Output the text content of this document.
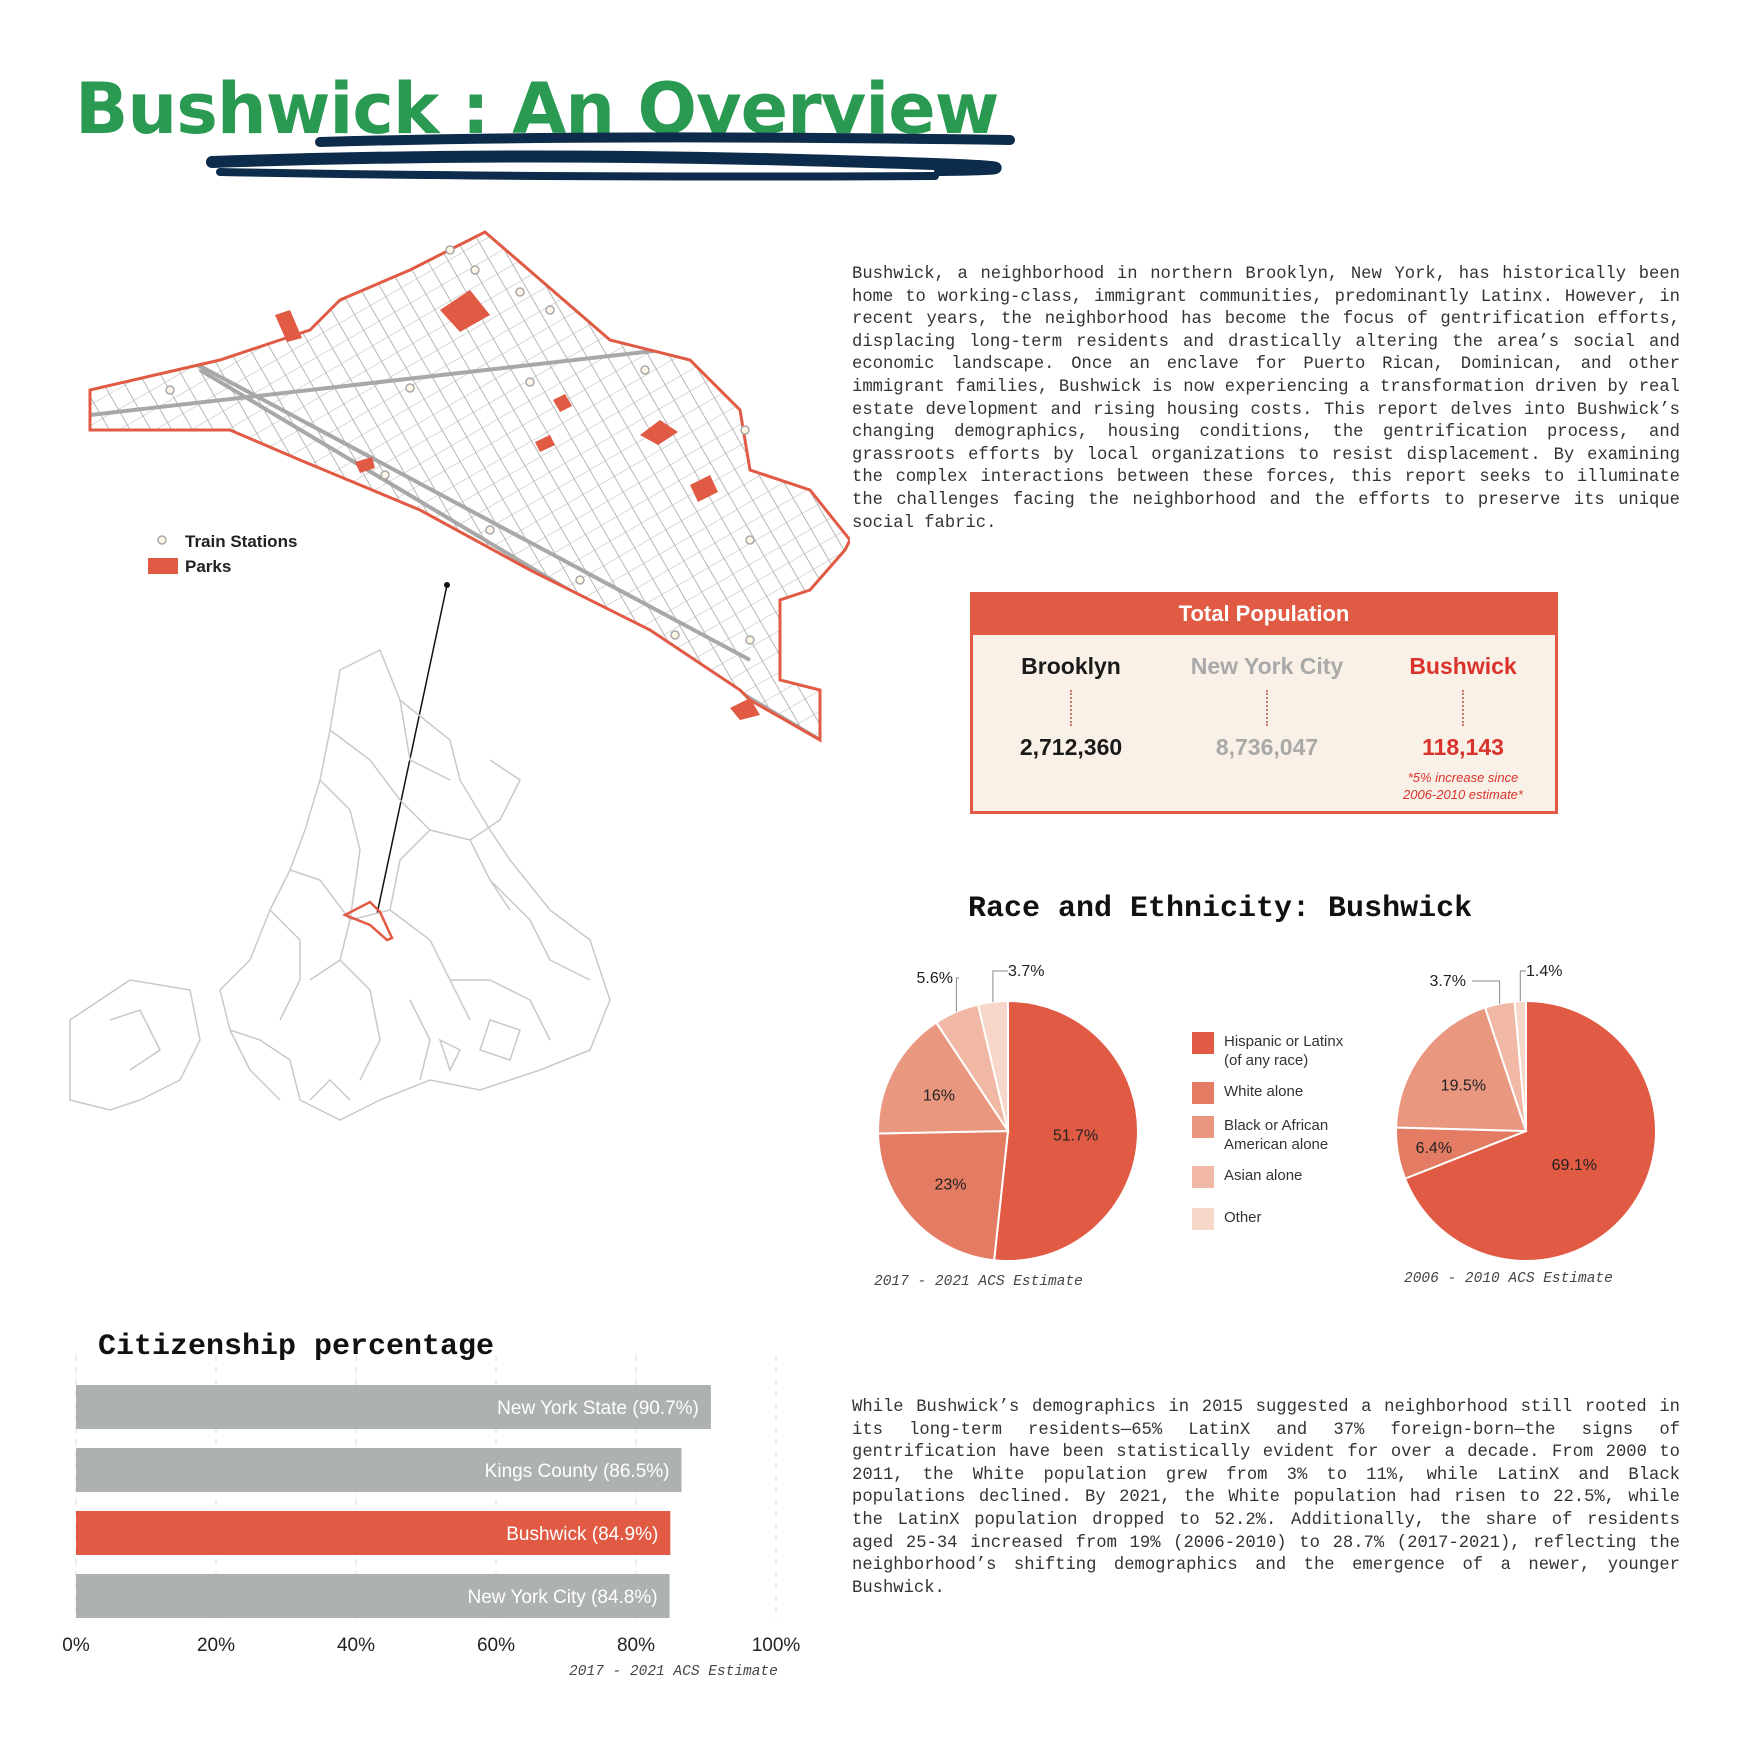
Bushwick : An Overview
Train Stations
Parks

Bushwick, a neighborhood in northern Brooklyn, New York, has historically been home to working-class, immigrant communities, predominantly Latinx. However, in recent years, the neighborhood has become the focus of gentrification efforts, displacing long-term residents and drastically altering the area’s social and economic landscape. Once an enclave for Puerto Rican, Dominican, and other immigrant families, Bushwick is now experiencing a transformation driven by real estate development and rising housing costs. This report delves into Bushwick’s changing demographics, housing conditions, the gentrification process, and grassroots efforts by local organizations to resist displacement. By examining the complex interactions between these forces, this report seeks to illuminate the challenges facing the neighborhood and the efforts to preserve its unique social fabric.

Total Population
Brooklyn
2,712,360
New York City
8,736,047
Bushwick
118,143
*5% increase since
2006-2010 estimate*
Race and Ethnicity: Bushwick
51.7%
23%
16%
5.6%	3.7%
69.1%
6.4%
19.5%
3.7%
1.4%
Hispanic or Latinx
(of any race)
White alone
Black or African
American alone
Asian alone
Other
2017 - 2021 ACS Estimate	2006 - 2010 ACS Estimate
Citizenship percentage
New York State (90.7%)
Kings County (86.5%)
Bushwick (84.9%)
New York City (84.8%)
0%	20%	40%	60%	80%	100%
2017 - 2021 ACS Estimate

While Bushwick’s demographics in 2015 suggested a neighborhood still rooted in its long-term residents—65% LatinX and 37% foreign-born—the signs of gentrification have been statistically evident for over a decade. From 2000 to 2011, the White population grew from 3% to 11%, while LatinX and Black populations declined. By 2021, the White population had risen to 22.5%, while the LatinX population dropped to 52.2%. Additionally, the share of residents aged 25-34 increased from 19% (2006-2010) to 28.7% (2017-2021), reflecting the neighborhood’s shifting demographics and the emergence of a newer, younger Bushwick.
